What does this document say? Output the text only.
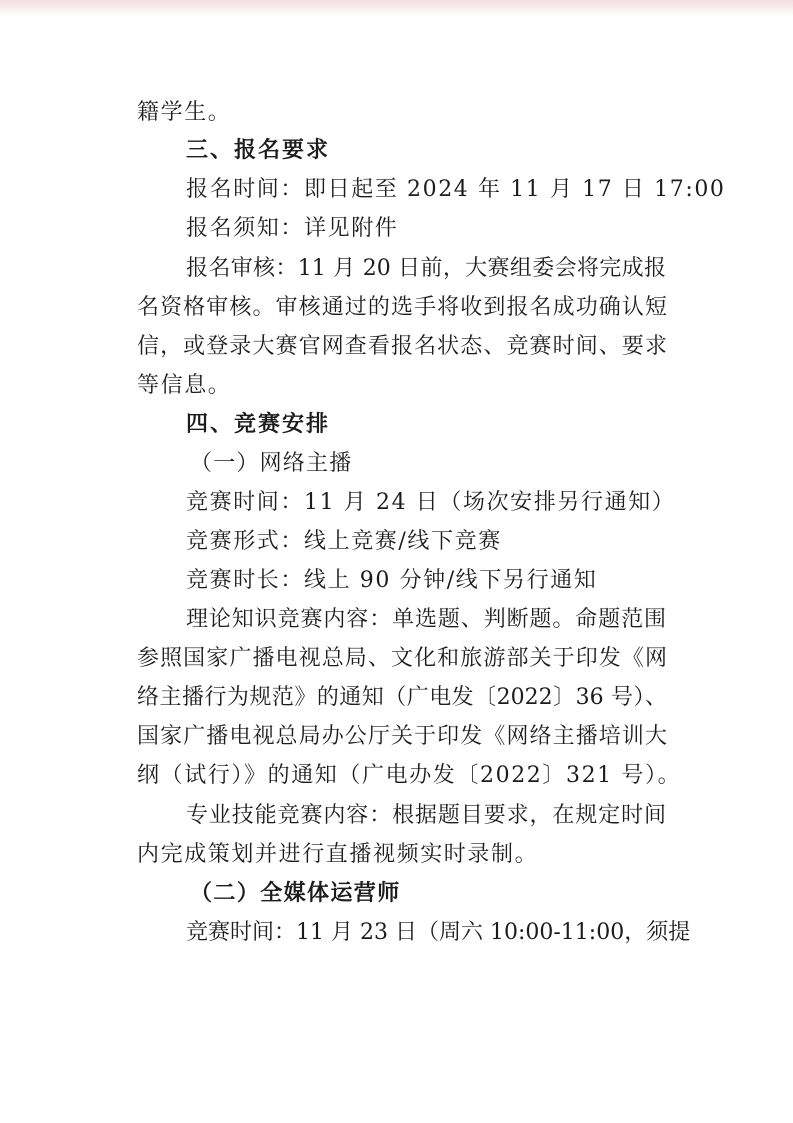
籍学生。
三、报名要求
报名时间：即日起至 2024 年 11 月 17 日 17:00
报名须知：详见附件
报名审核：11 月 20 日前，大赛组委会将完成报
名资格审核。审核通过的选手将收到报名成功确认短
信，或登录大赛官网查看报名状态、竞赛时间、要求
等信息。
四、竞赛安排
（一）网络主播
竞赛时间：11 月 24 日（场次安排另行通知）
竞赛形式：线上竞赛/线下竞赛
竞赛时长：线上 90 分钟/线下另行通知
理论知识竞赛内容：单选题、判断题。命题范围
参照国家广播电视总局、文化和旅游部关于印发《网
络主播行为规范》的通知（广电发〔2022〕36 号）、
国家广播电视总局办公厅关于印发《网络主播培训大
纲（试行）》的通知（广电办发〔2022〕321 号）。
专业技能竞赛内容：根据题目要求，在规定时间
内完成策划并进行直播视频实时录制。
（二）全媒体运营师
竞赛时间：11 月 23 日（周六 10:00-11:00，须提
